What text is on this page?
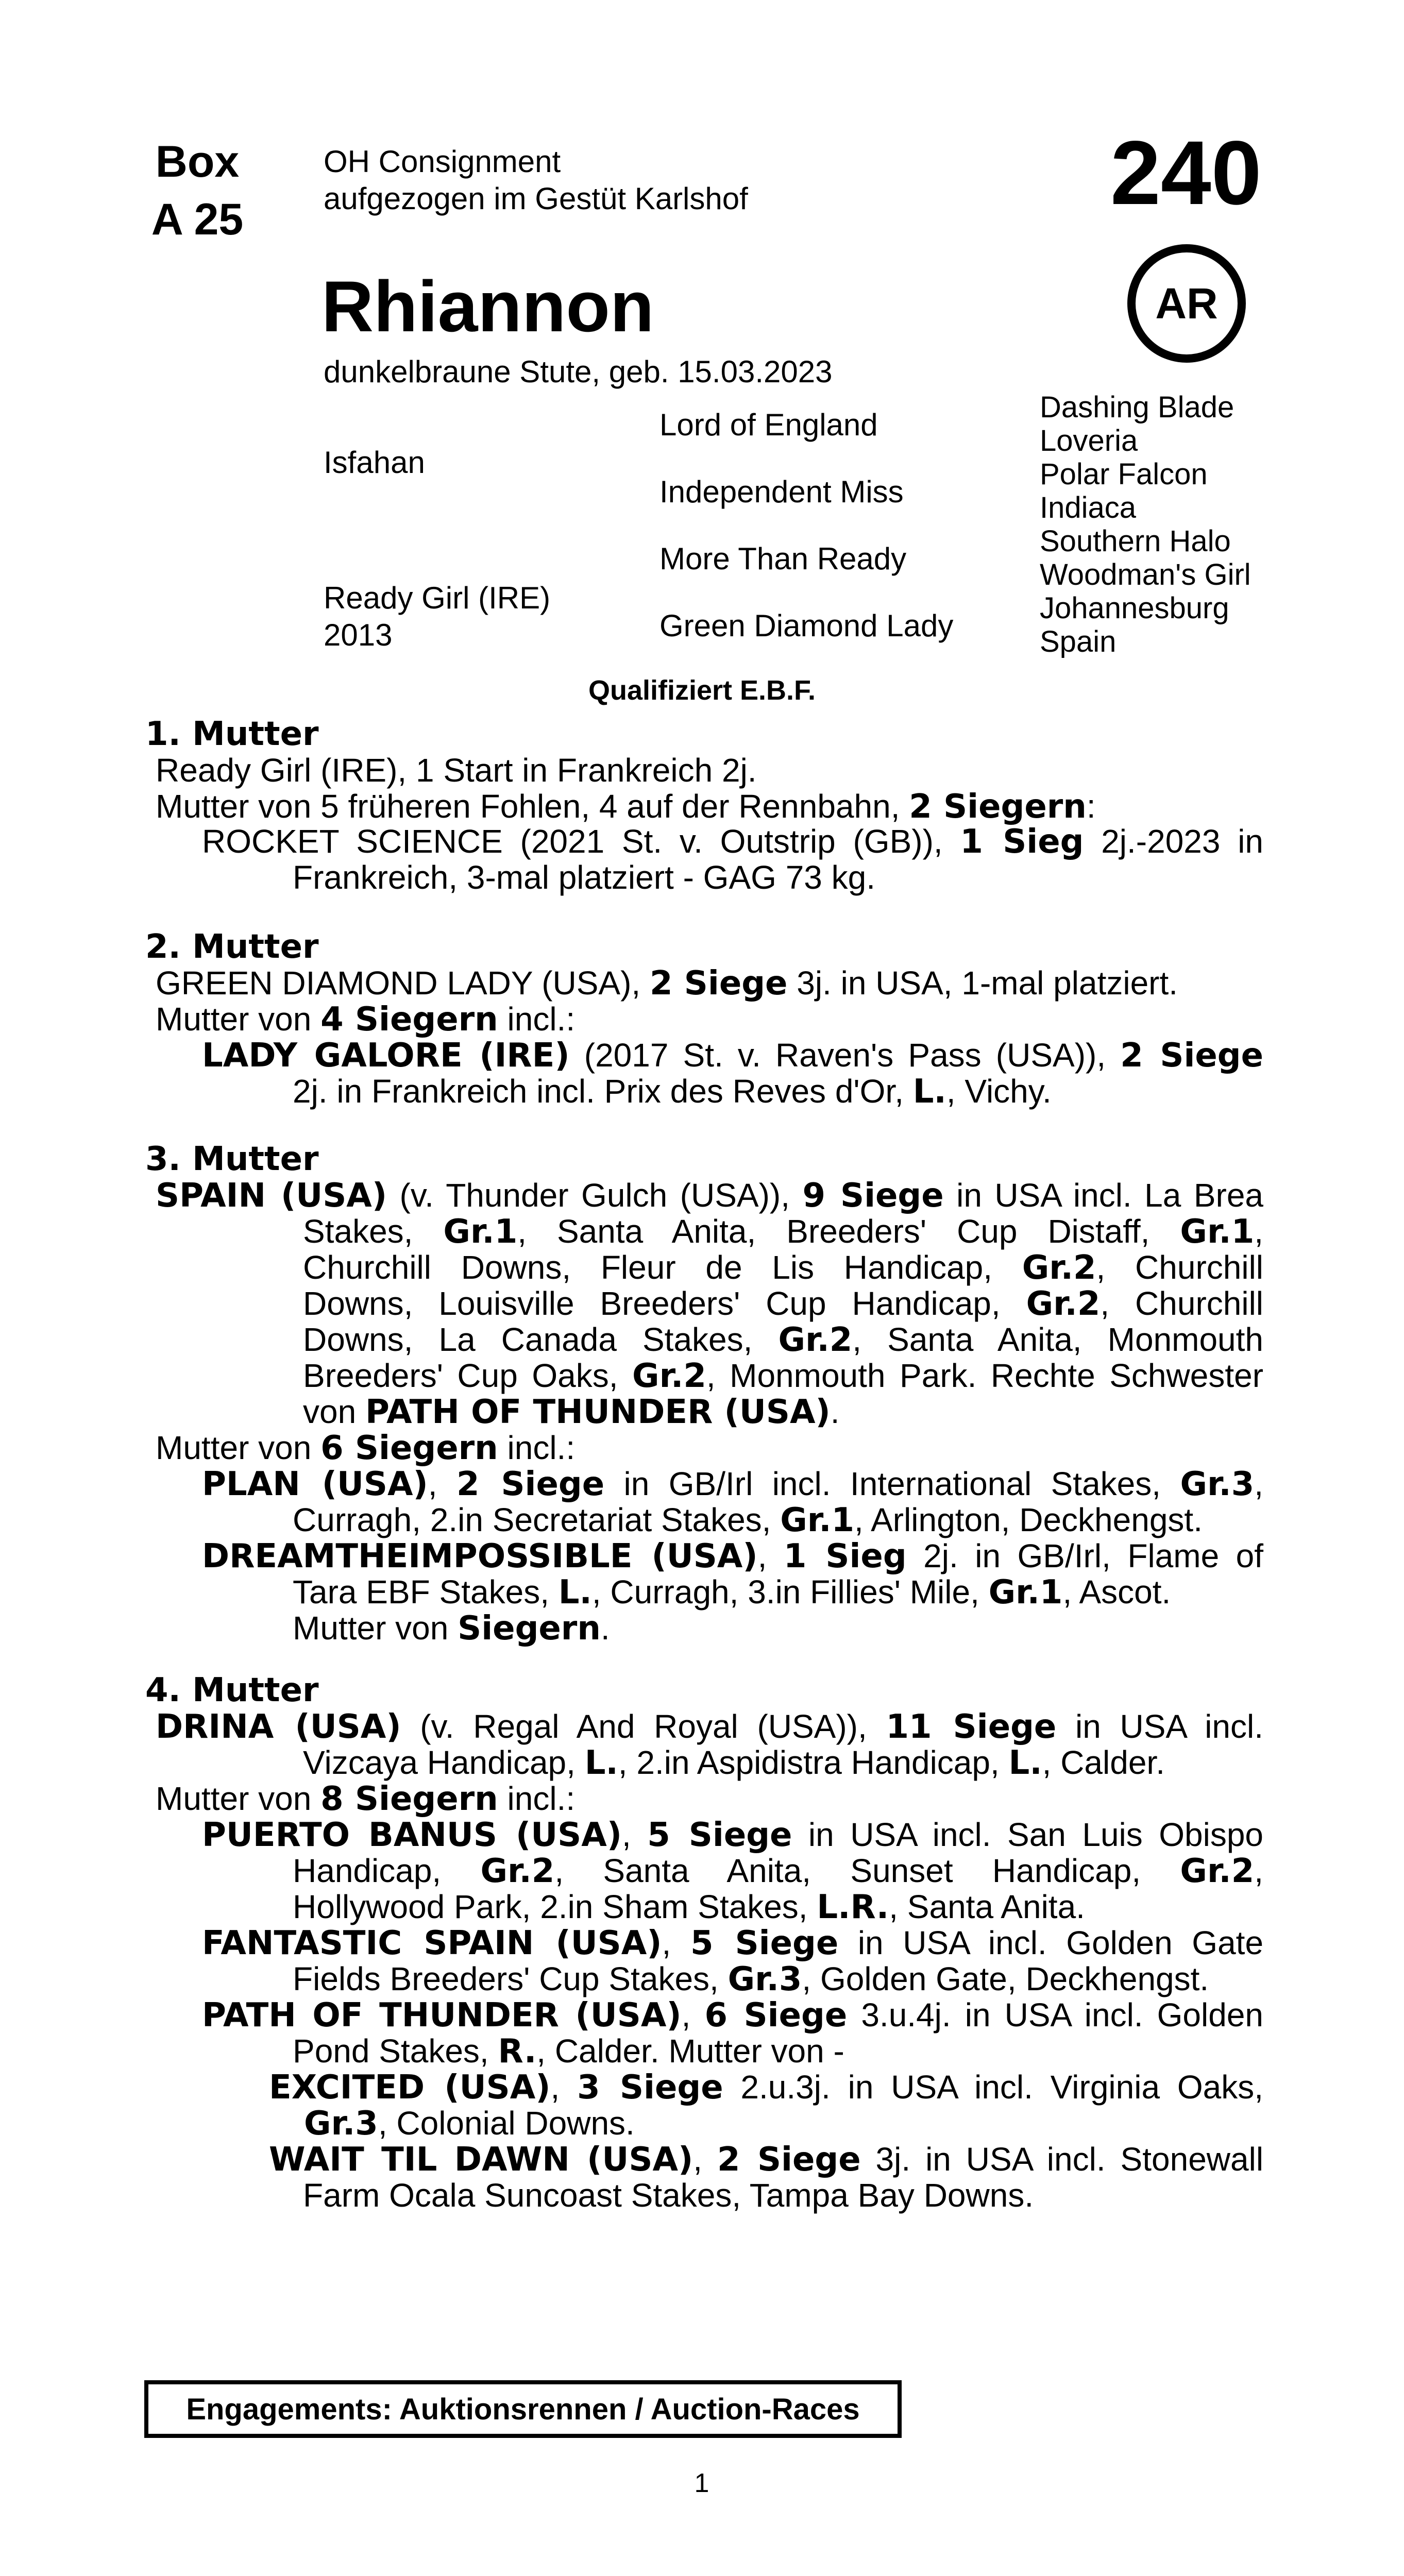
Box
A 25
OH Consignment
aufgezogen im Gestüt Karlshof	240
AR
Rhiannon
dunkelbraune Stute, geb. 15.03.2023
Isfahan
Ready Girl (IRE)
2013
Lord of England
Independent Miss
More Than Ready
Green Diamond Lady
Dashing Blade
Loveria
Polar Falcon
Indiaca
Southern Halo
Woodman's Girl
Johannesburg
Spain
Qualifiziert E.B.F.
1. Mutter
Ready Girl (IRE), 1 Start in Frankreich 2j.
Mutter von 5 früheren Fohlen, 4 auf der Rennbahn, 2 Siegern:
ROCKET SCIENCE (2021 St. v. Outstrip (GB)), 1 Sieg 2j.-2023 in
Frankreich, 3-mal platziert - GAG 73 kg.
2. Mutter
GREEN DIAMOND LADY (USA), 2 Siege 3j. in USA, 1-mal platziert.
Mutter von 4 Siegern incl.:
LADY GALORE (IRE) (2017 St. v. Raven's Pass (USA)), 2 Siege
2j. in Frankreich incl. Prix des Reves d'Or, L., Vichy.
3. Mutter
SPAIN (USA) (v. Thunder Gulch (USA)), 9 Siege in USA incl. La Brea
Stakes, Gr.1, Santa Anita, Breeders' Cup Distaff, Gr.1,
Churchill Downs, Fleur de Lis Handicap, Gr.2, Churchill
Downs, Louisville Breeders' Cup Handicap, Gr.2, Churchill
Downs, La Canada Stakes, Gr.2, Santa Anita, Monmouth
Breeders' Cup Oaks, Gr.2, Monmouth Park. Rechte Schwester
von PATH OF THUNDER (USA).
Mutter von 6 Siegern incl.:
PLAN (USA), 2 Siege in GB/Irl incl. International Stakes, Gr.3,
Curragh, 2.in Secretariat Stakes, Gr.1, Arlington, Deckhengst.
DREAMTHEIMPOSSIBLE (USA), 1 Sieg 2j. in GB/Irl, Flame of
Tara EBF Stakes, L., Curragh, 3.in Fillies' Mile, Gr.1, Ascot.
Mutter von Siegern.
4. Mutter
DRINA (USA) (v. Regal And Royal (USA)), 11 Siege in USA incl.
Vizcaya Handicap, L., 2.in Aspidistra Handicap, L., Calder.
Mutter von 8 Siegern incl.:
PUERTO BANUS (USA), 5 Siege in USA incl. San Luis Obispo
Handicap, Gr.2, Santa Anita, Sunset Handicap, Gr.2,
Hollywood Park, 2.in Sham Stakes, L.R., Santa Anita.
FANTASTIC SPAIN (USA), 5 Siege in USA incl. Golden Gate
Fields Breeders' Cup Stakes, Gr.3, Golden Gate, Deckhengst.
PATH OF THUNDER (USA), 6 Siege 3.u.4j. in USA incl. Golden
Pond Stakes, R., Calder. Mutter von -
EXCITED (USA), 3 Siege 2.u.3j. in USA incl. Virginia Oaks,
Gr.3, Colonial Downs.
WAIT TIL DAWN (USA), 2 Siege 3j. in USA incl. Stonewall
Farm Ocala Suncoast Stakes, Tampa Bay Downs.
Engagements: Auktionsrennen / Auction-Races
1
